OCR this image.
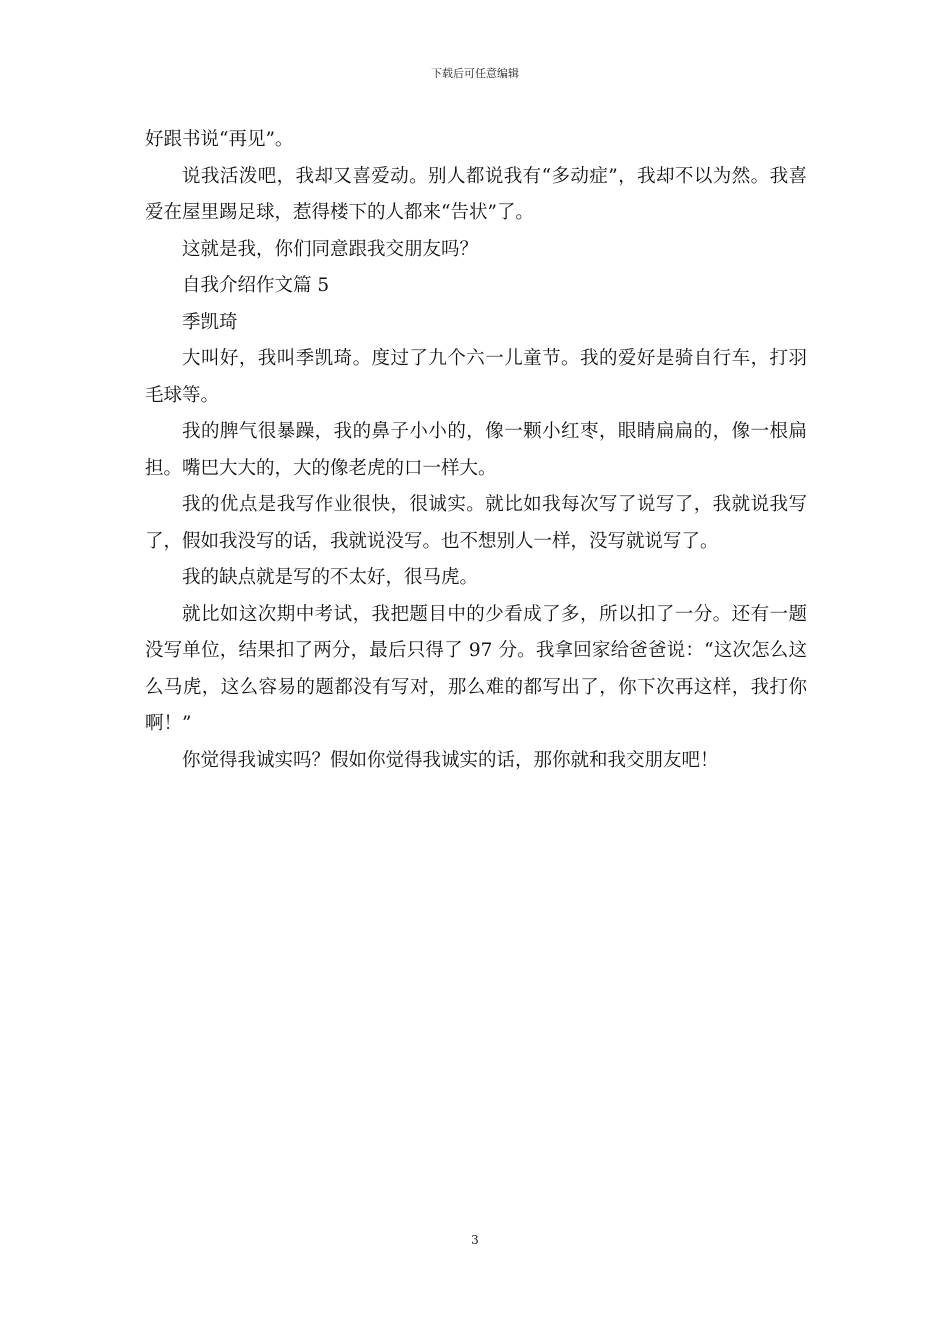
下载后可任意编辑

好跟书说“再见”。

说我活泼吧，我却又喜爱动。别人都说我有“多动症”，我却不以为然。我喜爱在屋里踢足球，惹得楼下的人都来“告状”了。

这就是我，你们同意跟我交朋友吗？

自我介绍作文篇 5

季凯琦

大叫好，我叫季凯琦。度过了九个六一儿童节。我的爱好是骑自行车，打羽毛球等。

我的脾气很暴躁，我的鼻子小小的，像一颗小红枣，眼睛扁扁的，像一根扁担。嘴巴大大的，大的像老虎的口一样大。

我的优点是我写作业很快，很诚实。就比如我每次写了说写了，我就说我写了，假如我没写的话，我就说没写。也不想别人一样，没写就说写了。

我的缺点就是写的不太好，很马虎。

就比如这次期中考试，我把题目中的少看成了多，所以扣了一分。还有一题没写单位，结果扣了两分，最后只得了 97 分。我拿回家给爸爸说：“这次怎么这么马虎，这么容易的题都没有写对，那么难的都写出了，你下次再这样，我打你啊！”

你觉得我诚实吗？假如你觉得我诚实的话，那你就和我交朋友吧！

3
